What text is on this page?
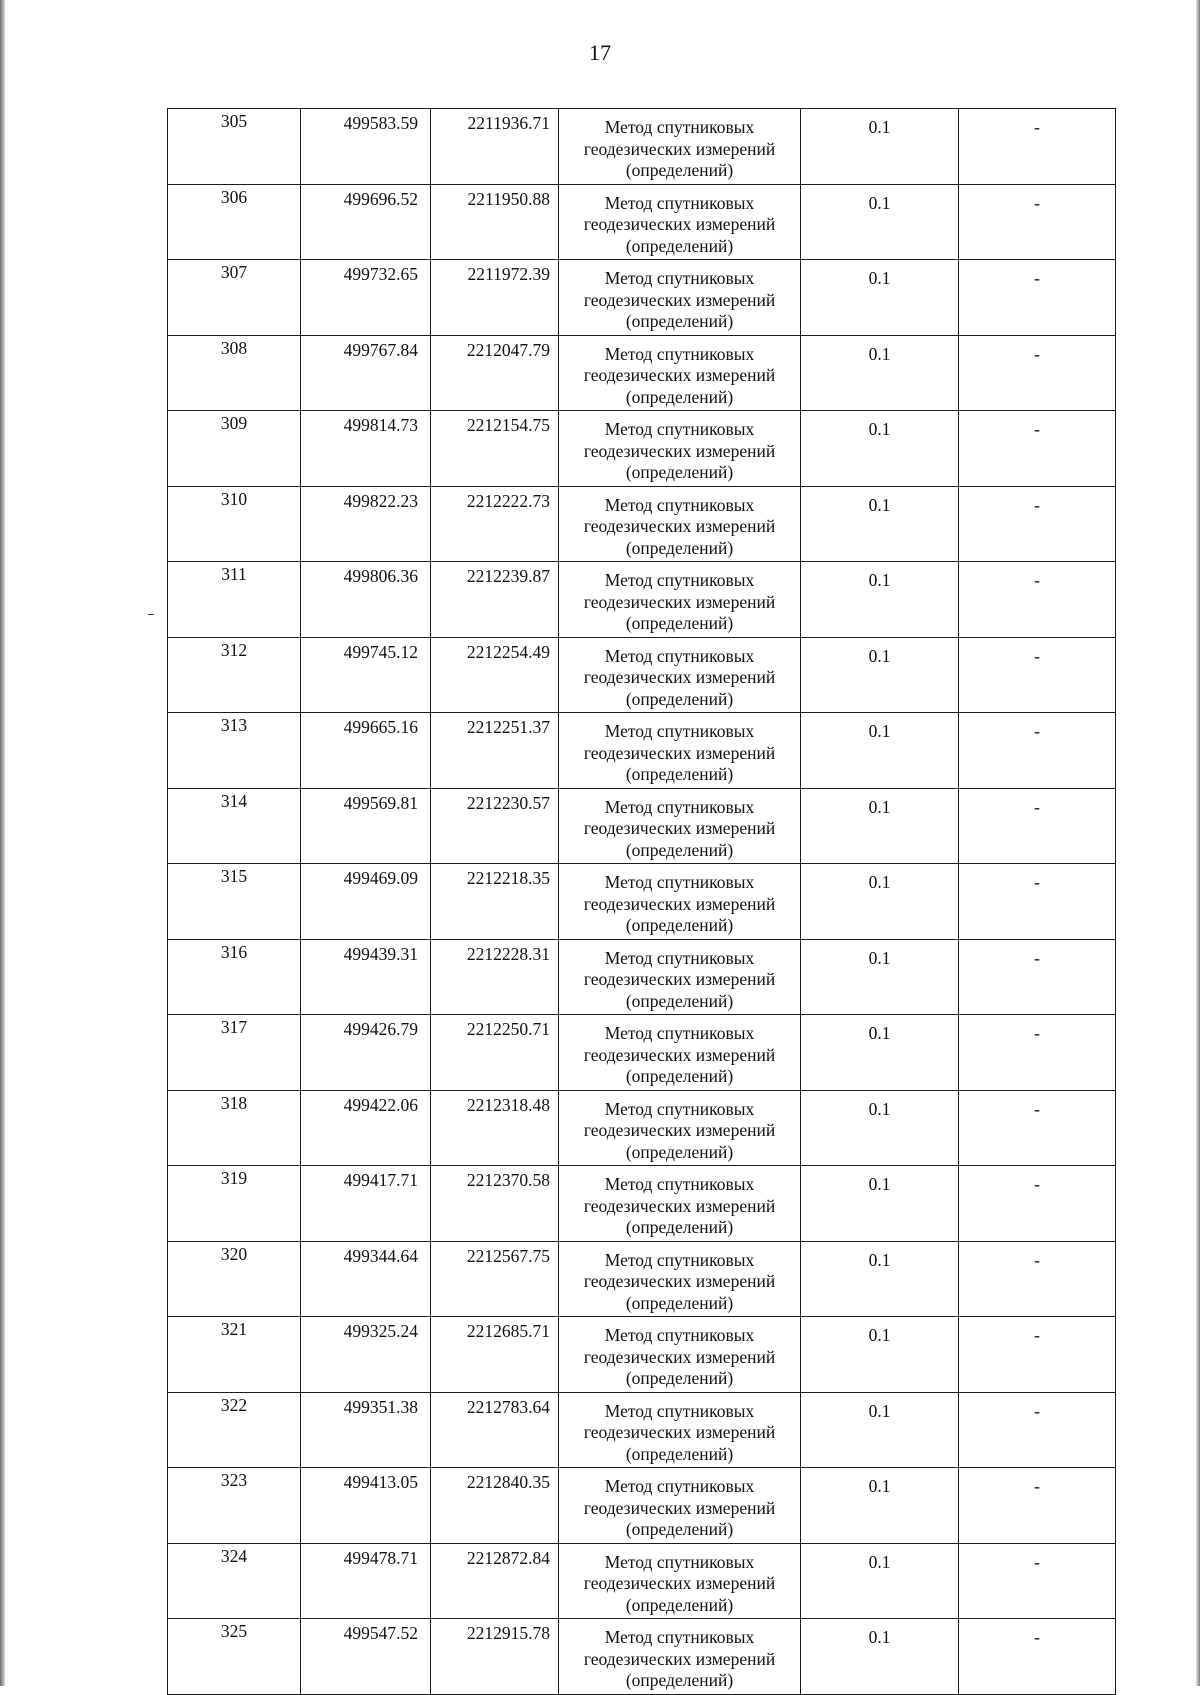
17
305	499583.59	2211936.71	Метод спутниковых
геодезических измерений
(определений)	0.1	-
306	499696.52	2211950.88	Метод спутниковых
геодезических измерений
(определений)	0.1	-
307	499732.65	2211972.39	Метод спутниковых
геодезических измерений
(определений)	0.1	-
308	499767.84	2212047.79	Метод спутниковых
геодезических измерений
(определений)	0.1	-
309	499814.73	2212154.75	Метод спутниковых
геодезических измерений
(определений)	0.1	-
310	499822.23	2212222.73	Метод спутниковых
геодезических измерений
(определений)	0.1	-
311	499806.36	2212239.87	Метод спутниковых
геодезических измерений
(определений)	0.1	-
312	499745.12	2212254.49	Метод спутниковых
геодезических измерений
(определений)	0.1	-
313	499665.16	2212251.37	Метод спутниковых
геодезических измерений
(определений)	0.1	-
314	499569.81	2212230.57	Метод спутниковых
геодезических измерений
(определений)	0.1	-
315	499469.09	2212218.35	Метод спутниковых
геодезических измерений
(определений)	0.1	-
316	499439.31	2212228.31	Метод спутниковых
геодезических измерений
(определений)	0.1	-
317	499426.79	2212250.71	Метод спутниковых
геодезических измерений
(определений)	0.1	-
318	499422.06	2212318.48	Метод спутниковых
геодезических измерений
(определений)	0.1	-
319	499417.71	2212370.58	Метод спутниковых
геодезических измерений
(определений)	0.1	-
320	499344.64	2212567.75	Метод спутниковых
геодезических измерений
(определений)	0.1	-
321	499325.24	2212685.71	Метод спутниковых
геодезических измерений
(определений)	0.1	-
322	499351.38	2212783.64	Метод спутниковых
геодезических измерений
(определений)	0.1	-
323	499413.05	2212840.35	Метод спутниковых
геодезических измерений
(определений)	0.1	-
324	499478.71	2212872.84	Метод спутниковых
геодезических измерений
(определений)	0.1	-
325	499547.52	2212915.78	Метод спутниковых
геодезических измерений
(определений)	0.1	-
